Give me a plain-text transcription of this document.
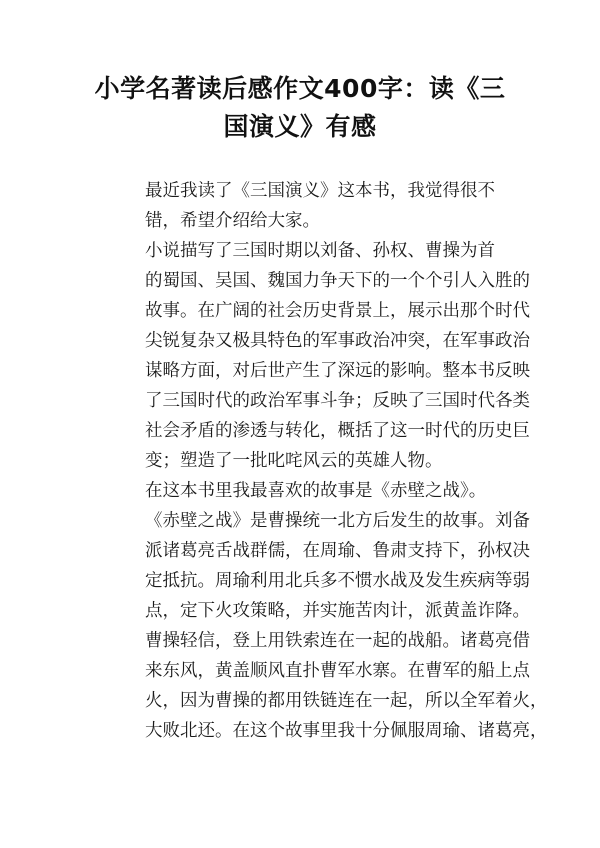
小学名著读后感作文400字：读《三
国演义》有感

最近我读了《三国演义》这本书，我觉得很不
错，希望介绍给大家。

小说描写了三国时期以刘备、孙权、曹操为首
的蜀国、吴国、魏国力争天下的一个个引人入胜的
故事。在广阔的社会历史背景上，展示出那个时代
尖锐复杂又极具特色的军事政治冲突，在军事政治
谋略方面，对后世产生了深远的影响。整本书反映
了三国时代的政治军事斗争；反映了三国时代各类
社会矛盾的渗透与转化，概括了这一时代的历史巨
变；塑造了一批叱咤风云的英雄人物。

在这本书里我最喜欢的故事是《赤壁之战》。
《赤壁之战》是曹操统一北方后发生的故事。刘备
派诸葛亮舌战群儒，在周瑜、鲁肃支持下，孙权决
定抵抗。周瑜利用北兵多不惯水战及发生疾病等弱
点，定下火攻策略，并实施苦肉计，派黄盖诈降。
曹操轻信，登上用铁索连在一起的战船。诸葛亮借
来东风，黄盖顺风直扑曹军水寨。在曹军的船上点
火，因为曹操的都用铁链连在一起，所以全军着火，
大败北还。在这个故事里我十分佩服周瑜、诸葛亮，
